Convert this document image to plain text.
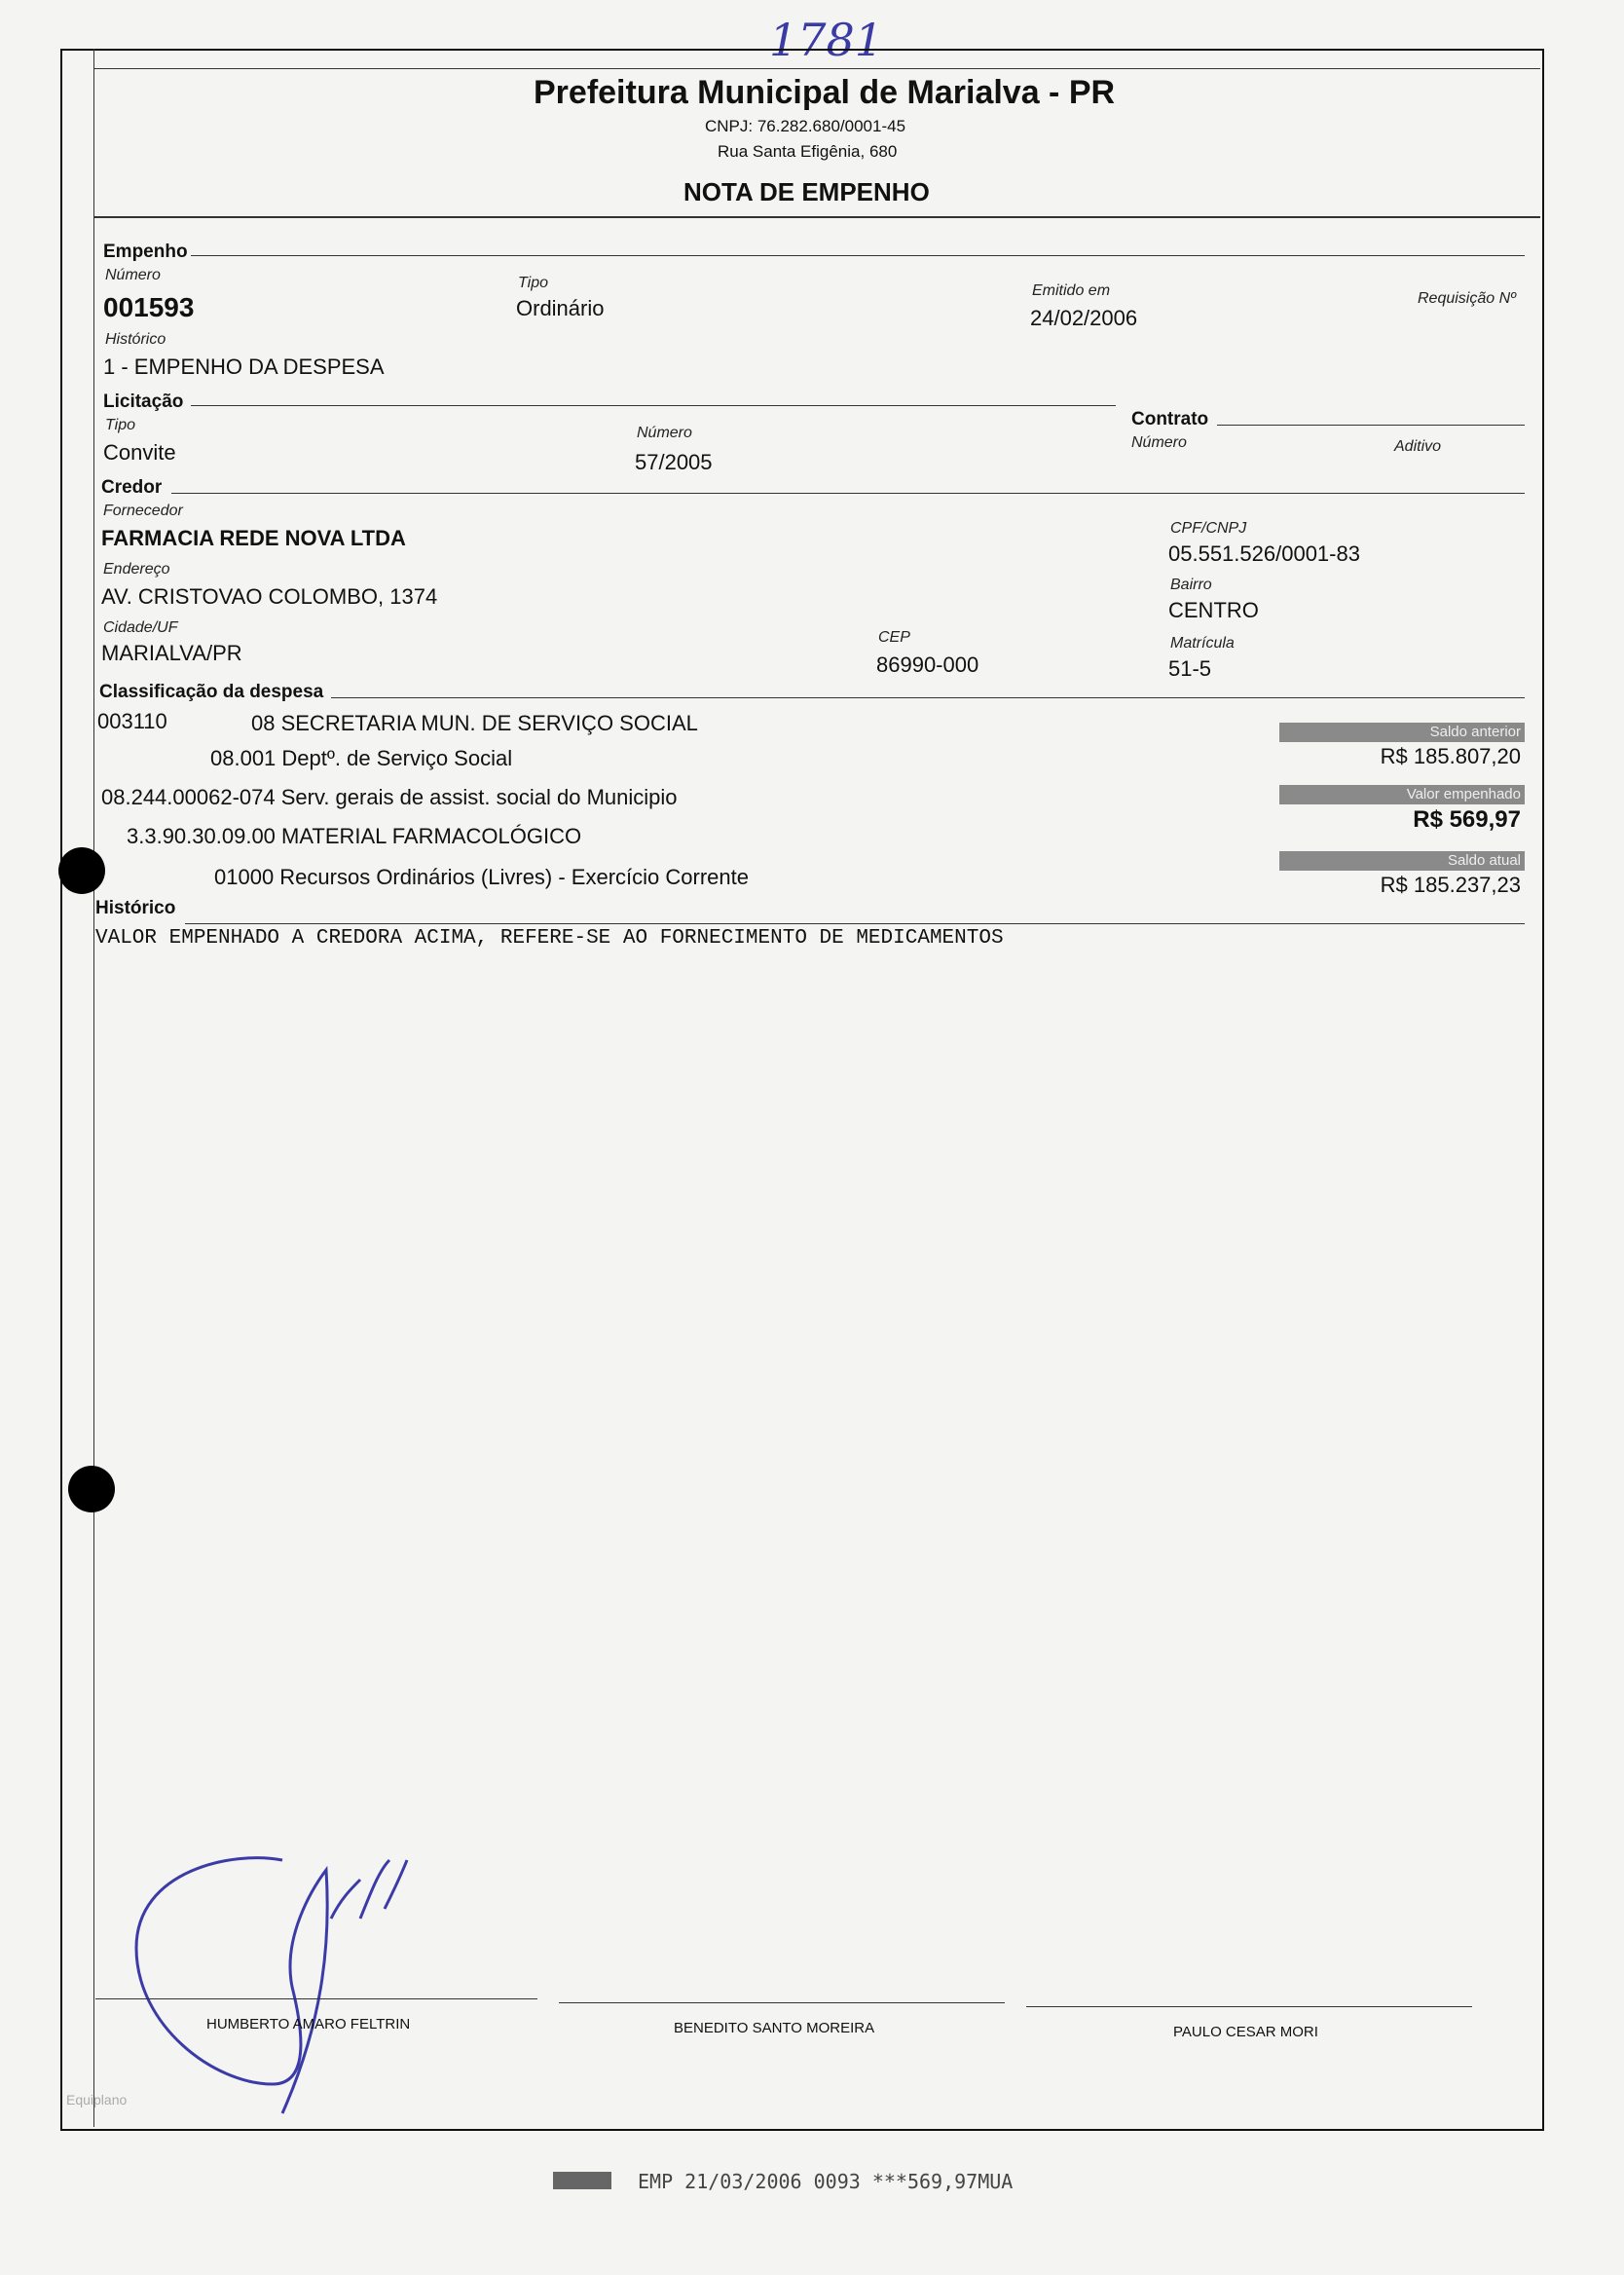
1781
Prefeitura Municipal de Marialva - PR
CNPJ: 76.282.680/0001-45
Rua Santa Efigênia, 680
NOTA DE EMPENHO
Empenho
Número
001593
Tipo
Ordinário
Emitido em
24/02/2006
Requisição Nº
Histórico
1 - EMPENHO DA DESPESA
Licitação
Tipo
Convite
Número
57/2005
Contrato
Número	Aditivo
Credor
Fornecedor
FARMACIA REDE NOVA LTDA	CPF/CNPJ
05.551.526/0001-83
Endereço
AV. CRISTOVAO COLOMBO, 1374	Bairro
CENTRO
Cidade/UF
MARIALVA/PR
CEP
86990-000
Matrícula
51-5
Classificação da despesa
003110	08 SECRETARIA MUN. DE SERVIÇO SOCIAL
08.001 Deptº. de Serviço Social
08.244.00062-074 Serv. gerais de assist. social do Municipio
3.3.90.30.09.00 MATERIAL FARMACOLÓGICO
01000 Recursos Ordinários (Livres) - Exercício Corrente
Saldo anterior
R$ 185.807,20
Valor empenhado
R$ 569,97
Saldo atual
R$ 185.237,23
Histórico
VALOR EMPENHADO A CREDORA ACIMA, REFERE-SE AO FORNECIMENTO DE MEDICAMENTOS
HUMBERTO AMARO FELTRIN	BENEDITO SANTO MOREIRA	PAULO CESAR MORI
Equiplano
EMP 21/03/2006 0093 ***569,97MUA
